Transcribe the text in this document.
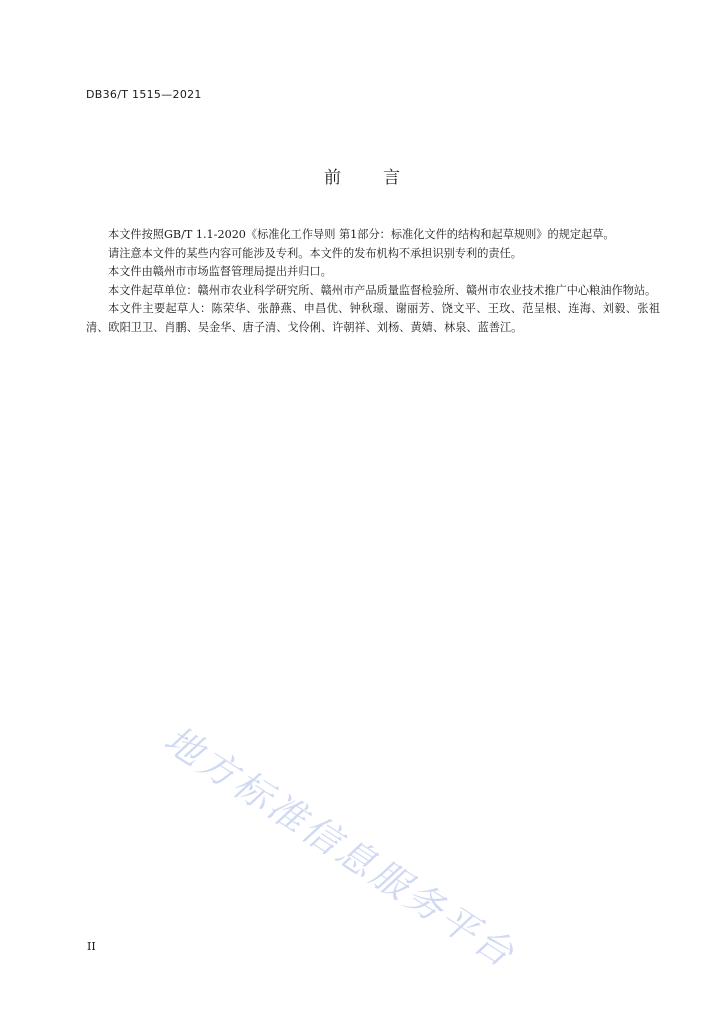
DB36/T 1515—2021
前 言

本文件按照GB/T 1.1-2020《标准化工作导则 第1部分：标准化文件的结构和起草规则》的规定起草。

请注意本文件的某些内容可能涉及专利。本文件的发布机构不承担识别专利的责任。

本文件由赣州市市场监督管理局提出并归口。

本文件起草单位：赣州市农业科学研究所、赣州市产品质量监督检验所、赣州市农业技术推广中心粮油作物站。

本文件主要起草人：陈荣华、张静燕、申昌优、钟秋璟、谢丽芳、饶文平、王玫、范呈根、连海、刘毅、张祖清、欧阳卫卫、肖鹏、吴金华、唐子清、戈伶俐、许朝祥、刘杨、黄婧、林泉、蓝善江。

地方标准信息服务平台
II
